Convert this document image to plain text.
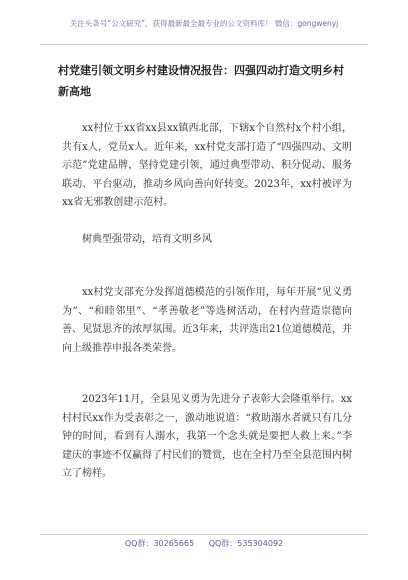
关注头条号“公文研究”，获得最新最全最专业的公文资料库！ 微信：gongwenyj
村党建引领文明乡村建设情况报告：四强四动打造文明乡村新高地
xx村位于xx省xx县xx镇西北部，下辖x个自然村x个村小组，共有x人，党员x人。近年来，xx村党支部打造了“四强四动、文明示范”党建品牌，坚持党建引领，通过典型带动、积分促动、服务联动、平台驱动，推动乡风向善向好转变。2023年，xx村被评为xx省无邪教创建示范村。
树典型强带动，培育文明乡风
xx村党支部充分发挥道德模范的引领作用，每年开展“见义勇为”、“和睦邻里”、“孝善敬老”等选树活动，在村内营造崇德向善、见贤思齐的浓厚氛围。近3年来，共评选出21位道德模范，并向上级推荐申报各类荣誉。
2023年11月，全县见义勇为先进分子表彰大会隆重举行。xx村村民xx作为受表彰之一，激动地说道：“救助溺水者就只有几分钟的时间，看到有人溺水，我第一个念头就是要把人救上来。”李建庆的事迹不仅赢得了村民们的赞赏，也在全村乃至全县范围内树立了榜样。
QQ群：30265665 QQ群：535304092
